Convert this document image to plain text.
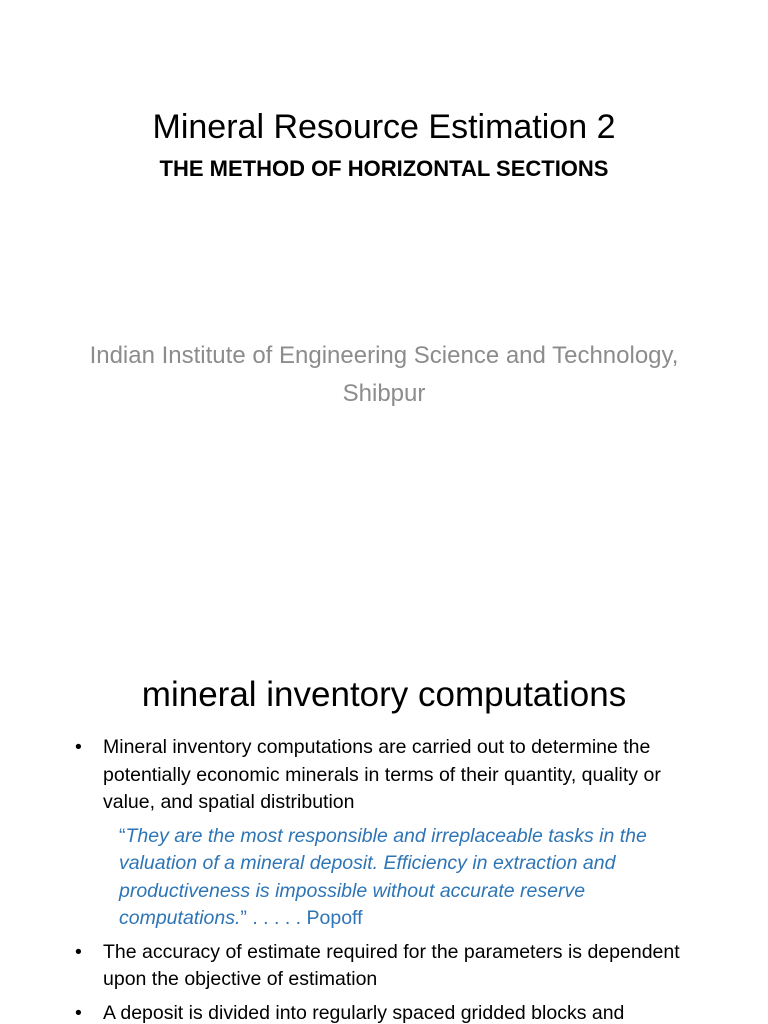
Mineral Resource Estimation 2
THE METHOD OF HORIZONTAL SECTIONS
Indian Institute of Engineering Science and Technology, Shibpur
mineral inventory computations
•	Mineral inventory computations are carried out to determine the potentially economic minerals in terms of their quantity, quality or value, and spatial distribution
“They are the most responsible and irreplaceable tasks in the valuation of a mineral deposit. Efficiency in extraction and productiveness is impossible without accurate reserve computations.” . . . . . Popoff
•	The accuracy of estimate required for the parameters is dependent upon the objective of estimation
•	A deposit is divided into regularly spaced gridded blocks and
